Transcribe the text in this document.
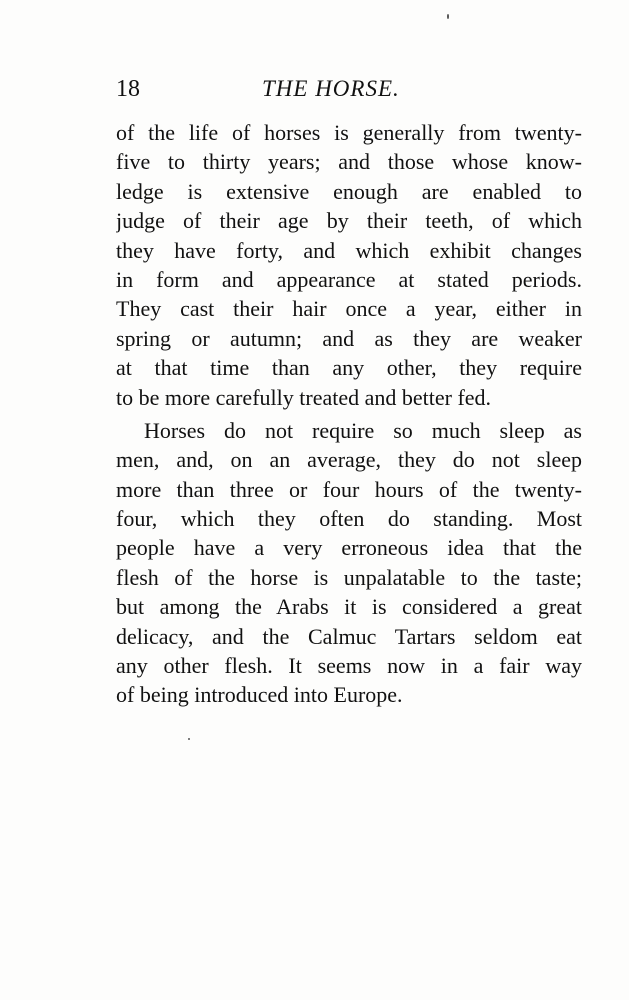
18	THE HORSE.
of the life of horses is generally from twenty-
five to thirty years; and those whose know-
ledge is extensive enough are enabled to
judge of their age by their teeth, of which
they have forty, and which exhibit changes
in form and appearance at stated periods.
They cast their hair once a year, either in
spring or autumn; and as they are weaker
at that time than any other, they require
to be more carefully treated and better fed.
Horses do not require so much sleep as
men, and, on an average, they do not sleep
more than three or four hours of the twenty-
four, which they often do standing. Most
people have a very erroneous idea that the
flesh of the horse is unpalatable to the taste;
but among the Arabs it is considered a great
delicacy, and the Calmuc Tartars seldom eat
any other flesh. It seems now in a fair way
of being introduced into Europe.
